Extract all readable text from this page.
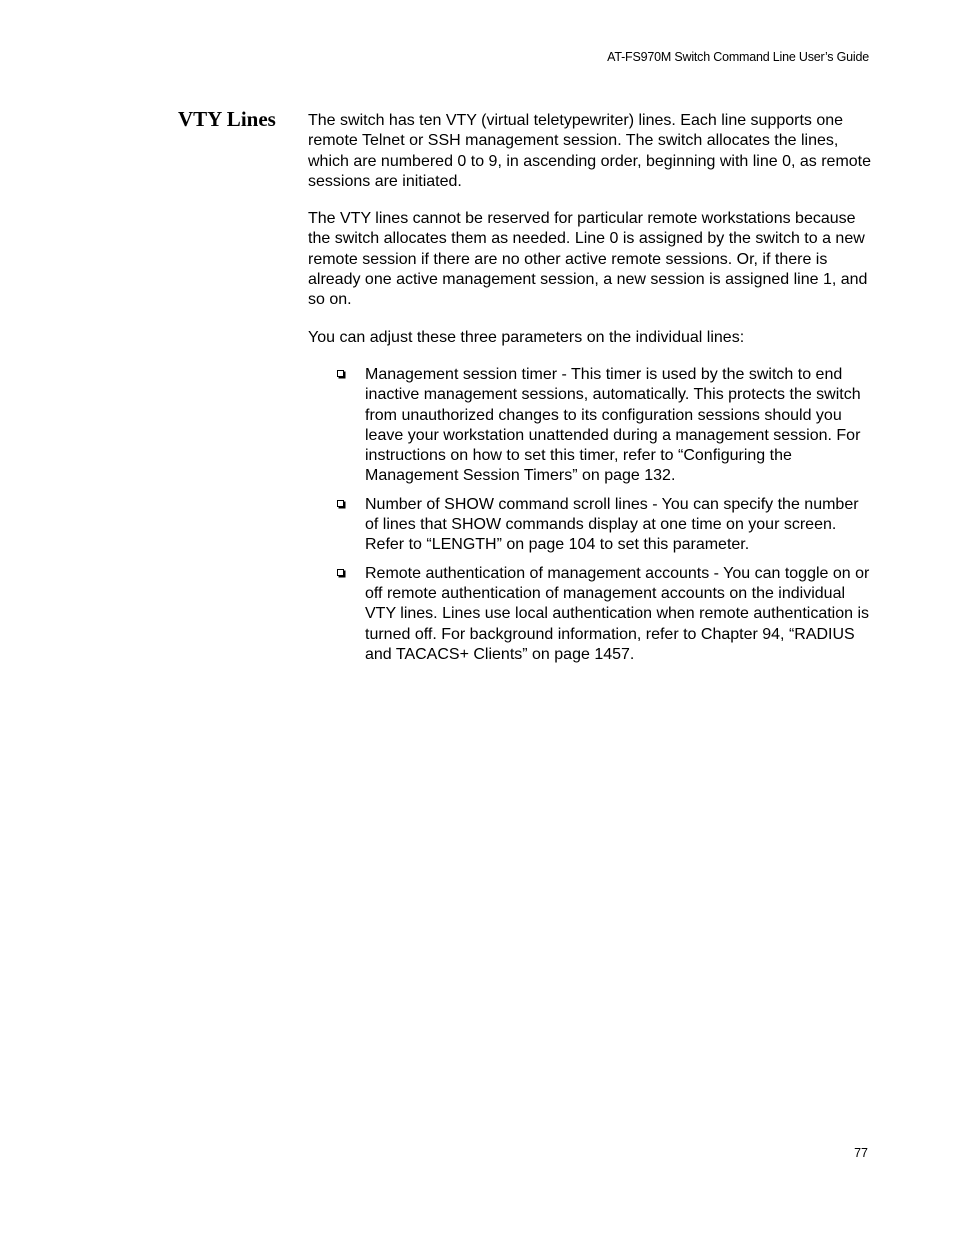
AT-FS970M Switch Command Line User’s Guide
VTY Lines The switch has ten VTY (virtual teletypewriter) lines. Each line supports one remote Telnet or SSH management session. The switch allocates the lines, which are numbered 0 to 9, in ascending order, beginning with line 0, as remote sessions are initiated.

The VTY lines cannot be reserved for particular remote workstations because the switch allocates them as needed. Line 0 is assigned by the switch to a new remote session if there are no other active remote sessions. Or, if there is already one active management session, a new session is assigned line 1, and so on.

You can adjust these three parameters on the individual lines:

Management session timer - This timer is used by the switch to end inactive management sessions, automatically. This protects the switch from unauthorized changes to its configuration sessions should you leave your workstation unattended during a management session. For instructions on how to set this timer, refer to “Configuring the Management Session Timers” on page 132.
Number of SHOW command scroll lines - You can specify the number of lines that SHOW commands display at one time on your screen. Refer to “LENGTH” on page 104 to set this parameter.
Remote authentication of management accounts - You can toggle on or off remote authentication of management accounts on the individual VTY lines. Lines use local authentication when remote authentication is turned off. For background information, refer to Chapter 94, “RADIUS and TACACS+ Clients” on page 1457.
77
